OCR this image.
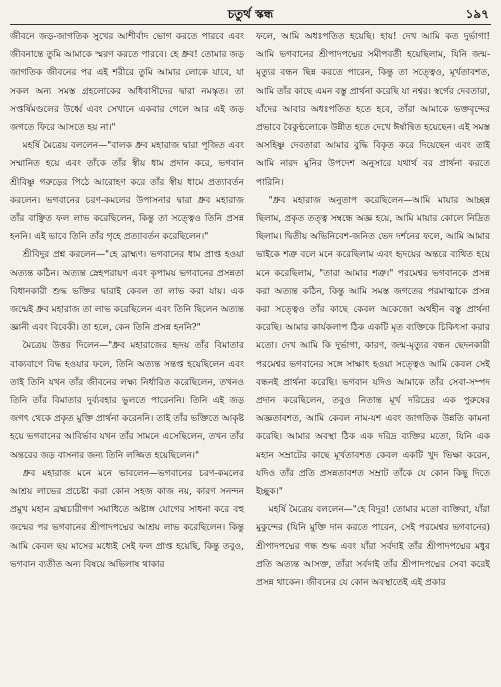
চতুর্থ স্কন্ধ	১৯৭

জীবনে জড়-জাগতিক সুখের আশীর্বাদ ভোগ করতে পারবে এবং জীবনান্তে তুমি আমাকে স্মরণ করতে পারবে। হে ধ্রুব! তোমার জড় জাগতিক জীবনের পর এই শরীরে তুমি আমার লোকে যাবে, যা সকল অন্য সমস্ত গ্রহলোকের অধিবাসীদের দ্বারা নমস্কৃত। তা সপ্তর্ষিমণ্ডলের উর্ধ্বে এবং সেখানে একবার গেলে আর এই জড় জগতে ফিরে আসতে হয় না।"

মহর্ষি মৈত্রেয় বললেন—"বালক ধ্রুব মহারাজ দ্বারা পূজিত এবং সম্মানিত হয়ে এবং তাঁকে তাঁর স্বীয় ধাম প্রদান করে, ভগবান শ্রীবিষ্ণু গরুড়ের পিঠে আরোহণ করে তাঁর স্বীয় ধামে প্রত্যাবর্তন করলেন। ভগবানের চরণ-কমলের উপাসনার দ্বারা ধ্রুব মহারাজ তাঁর বাঞ্ছিত ফল লাভ করেছিলেন, কিন্তু তা সত্ত্বেও তিনি প্রসন্ন হননি। এই ভাবে তিনি তাঁর গৃহে প্রত্যাবর্তন করেছিলেন।"

শ্রীবিদুর প্রশ্ন করলেন—"হে ব্রাহ্মণ। ভগবানের ধাম প্রাপ্ত হওয়া অত্যন্ত কঠিন। অত্যন্ত স্নেহপরায়ণ এবং কৃপাময় ভগবানের প্রসন্নতা বিধানকারী শুদ্ধ ভক্তির দ্বারাই কেবল তা লাভ করা যায়। এক জন্মেই ধ্রুব মহারাজ তা লাভ করেছিলেন এবং তিনি ছিলেন অত্যন্ত জ্ঞানী এবং বিবেকী। তা হলে, কেন তিনি প্রসন্ন হননি?"

মৈত্রেয় উত্তর দিলেন—"ধ্রুব মহারাজের হৃদয় তাঁর বিমাতার বাক্যবাণে বিদ্ধ হওয়ার ফলে, তিনি অত্যন্ত সন্তপ্ত হয়েছিলেন এবং তাই তিনি যখন তাঁর জীবনের লক্ষ্য নির্ধারিত করেছিলেন, তখনও তিনি তাঁর বিমাতার দুর্ব্যবহার ভুলতে পারেননি। তিনি এই জড় জগৎ থেকে প্রকৃত মুক্তি প্রার্থনা করেননি। তাই তাঁর ভক্তিতে আকৃষ্ট হয়ে ভগবানের আবির্ভাব যখন তাঁর সামনে এসেছিলেন, তখন তাঁর অন্তরের জড় বাসনার জন্য তিনি লজ্জিত হয়েছিলেন।"

ধ্রুব মহারাজ মনে মনে ভাবলেন—ভগবানের চরণ-কমলের আশ্রয় লাভের প্রচেষ্টা করা কোন সহজ কাজ নয়, কারণ সনন্দন প্রমুখ মহান ব্রহ্মচারীগণ সমাধিতে অষ্টাঙ্গ যোগের সাধনা করে বহু জন্মের পর ভগবানের শ্রীপাদপদ্মের আশ্রয় লাভ করেছিলেন। কিন্তু আমি কেবল ছয় মাসের মধ্যেই সেই ফল প্রাপ্ত হয়েছি, কিন্তু তবুও, ভগবান ব্যতীত অন্য বিষয়ে অভিলাষ থাকার

ফলে, আমি অধঃপতিত হয়েছি। হায়! দেখ আমি কত দুর্ভাগা! আমি ভগবানের শ্রীপাদপদ্মের সমীপবর্তী হয়েছিলাম, যিনি জন্ম-মৃত্যুর বন্ধন ছিন্ন করতে পারেন, কিন্তু তা সত্ত্বেও, মূর্খতাবশত, আমি তাঁর কাছে এমন বস্তু প্রার্থনা করেছি যা নশ্বর। স্বর্গের দেবতারা, যাঁদের আবার অধঃপতিত হতে হবে, তাঁরা আমাকে ভক্তবৃন্দের প্রভাবে বৈকুণ্ঠলোকে উন্নীত হতে দেখে ঈর্ষান্বিত হয়েছেন। এই সমস্ত অসহিষ্ণু দেবতারা আমার বুদ্ধি বিকৃত করে দিয়েছেন এবং তাই আমি নারদ মুনির উপদেশ অনুসারে যথার্থ বর প্রার্থনা করতে পারিনি।

"ধ্রুব মহারাজ অনুতাপ করেছিলেন—আমি মায়ার আচ্ছন্ন ছিলাম, প্রকৃত তত্ত্ব সম্বন্ধে অজ্ঞ হয়ে, আমি মায়ার কোলে নিদ্রিত ছিলাম। দ্বিতীয় অভিনিবেশ-জনিত ভেদ দর্শনের ফলে, আমি আমার ভাইকে শত্রু বলে মনে করেছিলাম এবং হৃদয়ের অন্তরে ব্যথিত হয়ে মনে করেছিলাম, "তারা আমার শত্রু।" পরমেশ্বর ভগবানকে প্রসন্ন করা অত্যন্ত কঠিন, কিন্তু আমি সমস্ত জগতের পরমাত্মাকে প্রসন্ন করা সত্ত্বেও তাঁর কাছে কেবল অকেজো অর্থহীন বস্তু প্রার্থনা করেছি। আমার কার্যকলাপ ঠিক একটি মৃত ব্যক্তিকে চিকিৎসা করার মতো। দেখ আমি কি দুর্ভাগা, কারণ, জন্ম-মৃত্যুর বন্ধন ছেদনকারী পরমেশ্বর ভগবানের সঙ্গে সাক্ষাৎ হওয়া সত্ত্বেও আমি কেবল সেই বন্ধনই প্রার্থনা করেছি। ভগবান যদিও আমাকে তাঁর সেবা-সম্পদ প্রদান করেছিলেন, তবুও নিতান্ত মূর্খ দরিদ্রের এক পুরুষের অজ্ঞতাবশত, আমি কেবল নাম-যশ এবং জাগতিক উন্নতি কামনা করেছি। আমার অবস্থা ঠিক এক দরিদ্র ব্যক্তির মতো, যিনি এক মহান সম্রাটের কাছে মূর্খতাবশত কেবল একটি খুদ ভিক্ষা করেন, যদিও তাঁর প্রতি প্রসন্নতাবশত সম্রাট তাঁকে যে কোন কিছু দিতে ইচ্ছুক।"

মহর্ষি মৈত্রেয় বললেন—"হে বিদুর! তোমার মতো ব্যক্তিরা, যাঁরা মুকুন্দের (যিনি মুক্তি দান করতে পারেন, সেই পরমেশ্বর ভগবানের) শ্রীপাদপদ্মের গন্ধ শুদ্ধ এবং যাঁরা সর্বদাই তাঁর শ্রীপাদপদ্মের মধুর প্রতি অত্যন্ত আসক্ত, তাঁরা সর্বদাই তাঁর শ্রীপাদপদ্মের সেবা করেই প্রসন্ন থাকেন। জীবনের যে কোন অবস্থাতেই এই প্রকার
